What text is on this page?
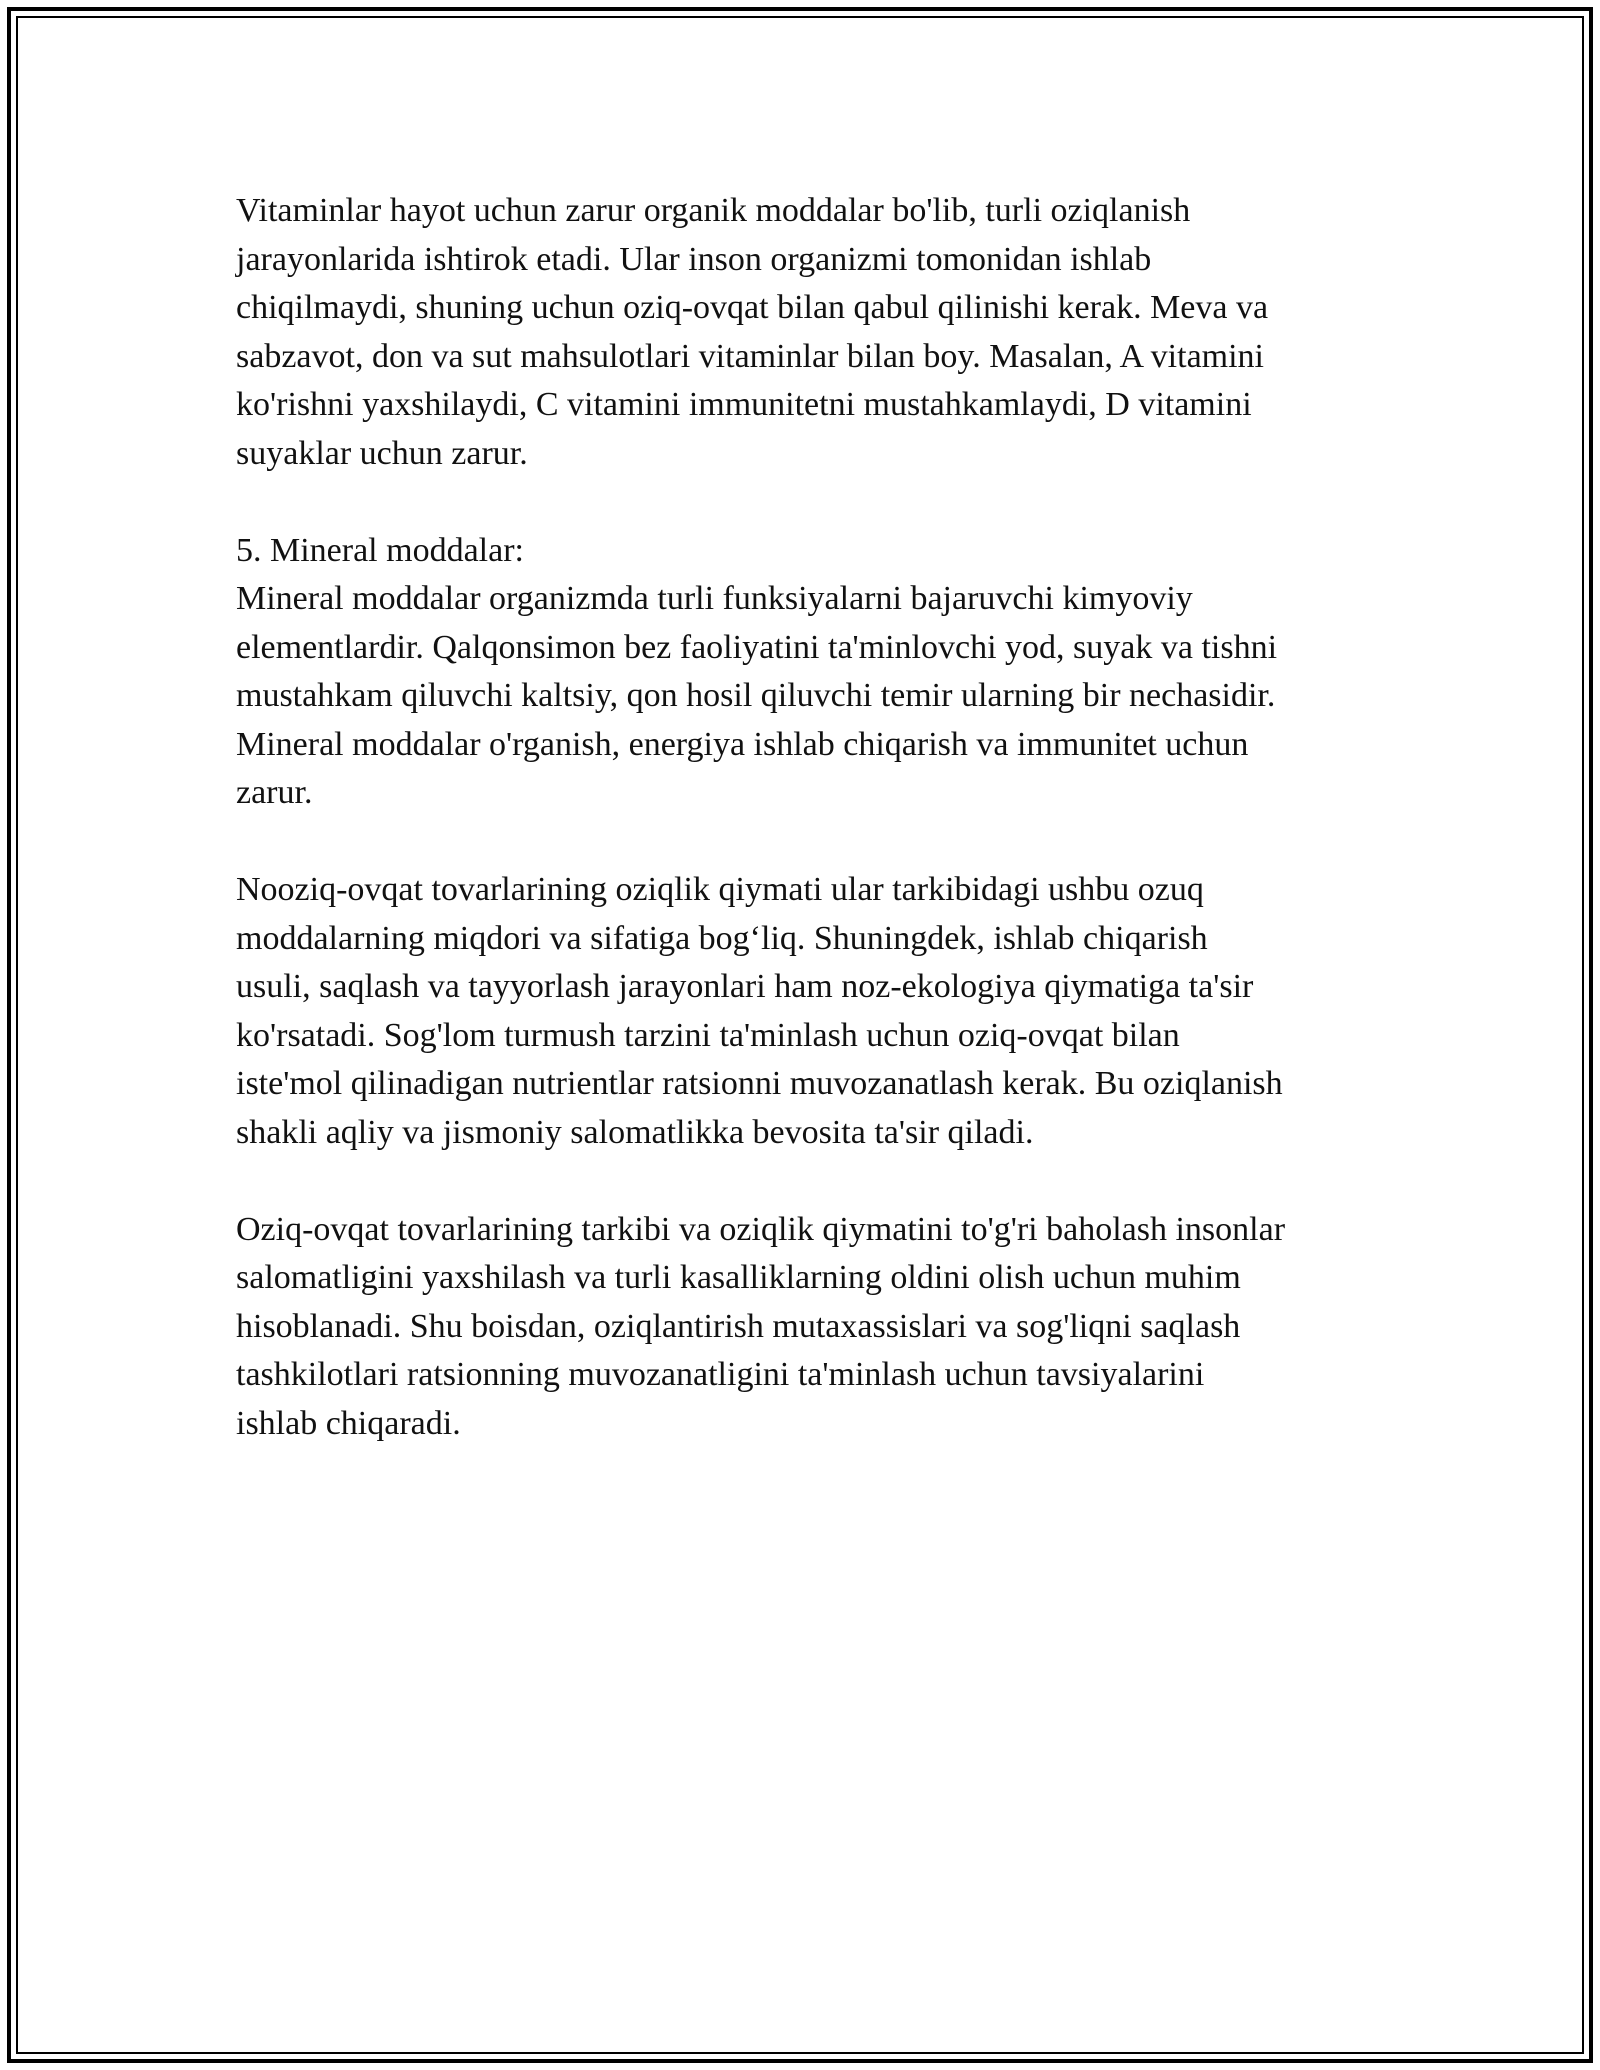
Vitaminlar hayot uchun zarur organik moddalar bo'lib, turli oziqlanish
jarayonlarida ishtirok etadi. Ular inson organizmi tomonidan ishlab
chiqilmaydi, shuning uchun oziq-ovqat bilan qabul qilinishi kerak. Meva va
sabzavot, don va sut mahsulotlari vitaminlar bilan boy. Masalan, A vitamini
ko'rishni yaxshilaydi, C vitamini immunitetni mustahkamlaydi, D vitamini
suyaklar uchun zarur.

5. Mineral moddalar:
Mineral moddalar organizmda turli funksiyalarni bajaruvchi kimyoviy
elementlardir. Qalqonsimon bez faoliyatini ta'minlovchi yod, suyak va tishni
mustahkam qiluvchi kaltsiy, qon hosil qiluvchi temir ularning bir nechasidir.
Mineral moddalar o'rganish, energiya ishlab chiqarish va immunitet uchun
zarur.

Nooziq-ovqat tovarlarining oziqlik qiymati ular tarkibidagi ushbu ozuq
moddalarning miqdori va sifatiga bog‘liq. Shuningdek, ishlab chiqarish
usuli, saqlash va tayyorlash jarayonlari ham noz-ekologiya qiymatiga ta'sir
ko'rsatadi. Sog'lom turmush tarzini ta'minlash uchun oziq-ovqat bilan
iste'mol qilinadigan nutrientlar ratsionni muvozanatlash kerak. Bu oziqlanish
shakli aqliy va jismoniy salomatlikka bevosita ta'sir qiladi.

Oziq-ovqat tovarlarining tarkibi va oziqlik qiymatini to'g'ri baholash insonlar
salomatligini yaxshilash va turli kasalliklarning oldini olish uchun muhim
hisoblanadi. Shu boisdan, oziqlantirish mutaxassislari va sog'liqni saqlash
tashkilotlari ratsionning muvozanatligini ta'minlash uchun tavsiyalarini
ishlab chiqaradi.
